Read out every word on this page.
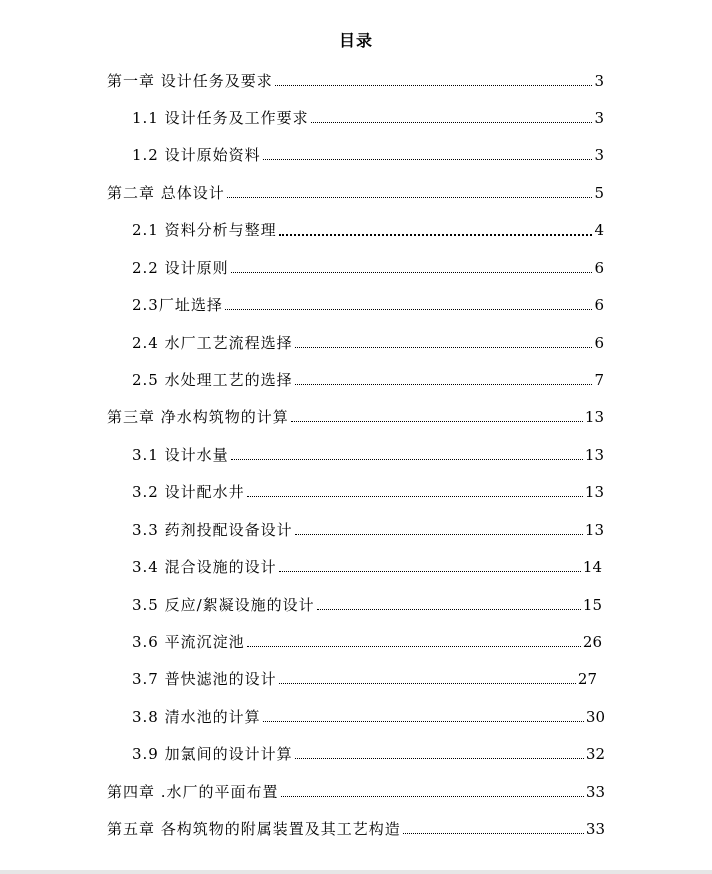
目录
第一章 设计任务及要求	3
1.1 设计任务及工作要求	3
1.2 设计原始资料	3
第二章 总体设计	5
2.1 资料分析与整理	4
2.2 设计原则	6
2.3厂址选择	6
2.4 水厂工艺流程选择	6
2.5 水处理工艺的选择	7
第三章 净水构筑物的计算	13
3.1 设计水量	13
3.2 设计配水井	13
3.3 药剂投配设备设计	13
3.4 混合设施的设计	14
3.5 反应/絮凝设施的设计	15
3.6 平流沉淀池	26
3.7 普快滤池的设计	27
3.8 清水池的计算	30
3.9 加氯间的设计计算	32
第四章 .水厂的平面布置	33
第五章 各构筑物的附属装置及其工艺构造	33
